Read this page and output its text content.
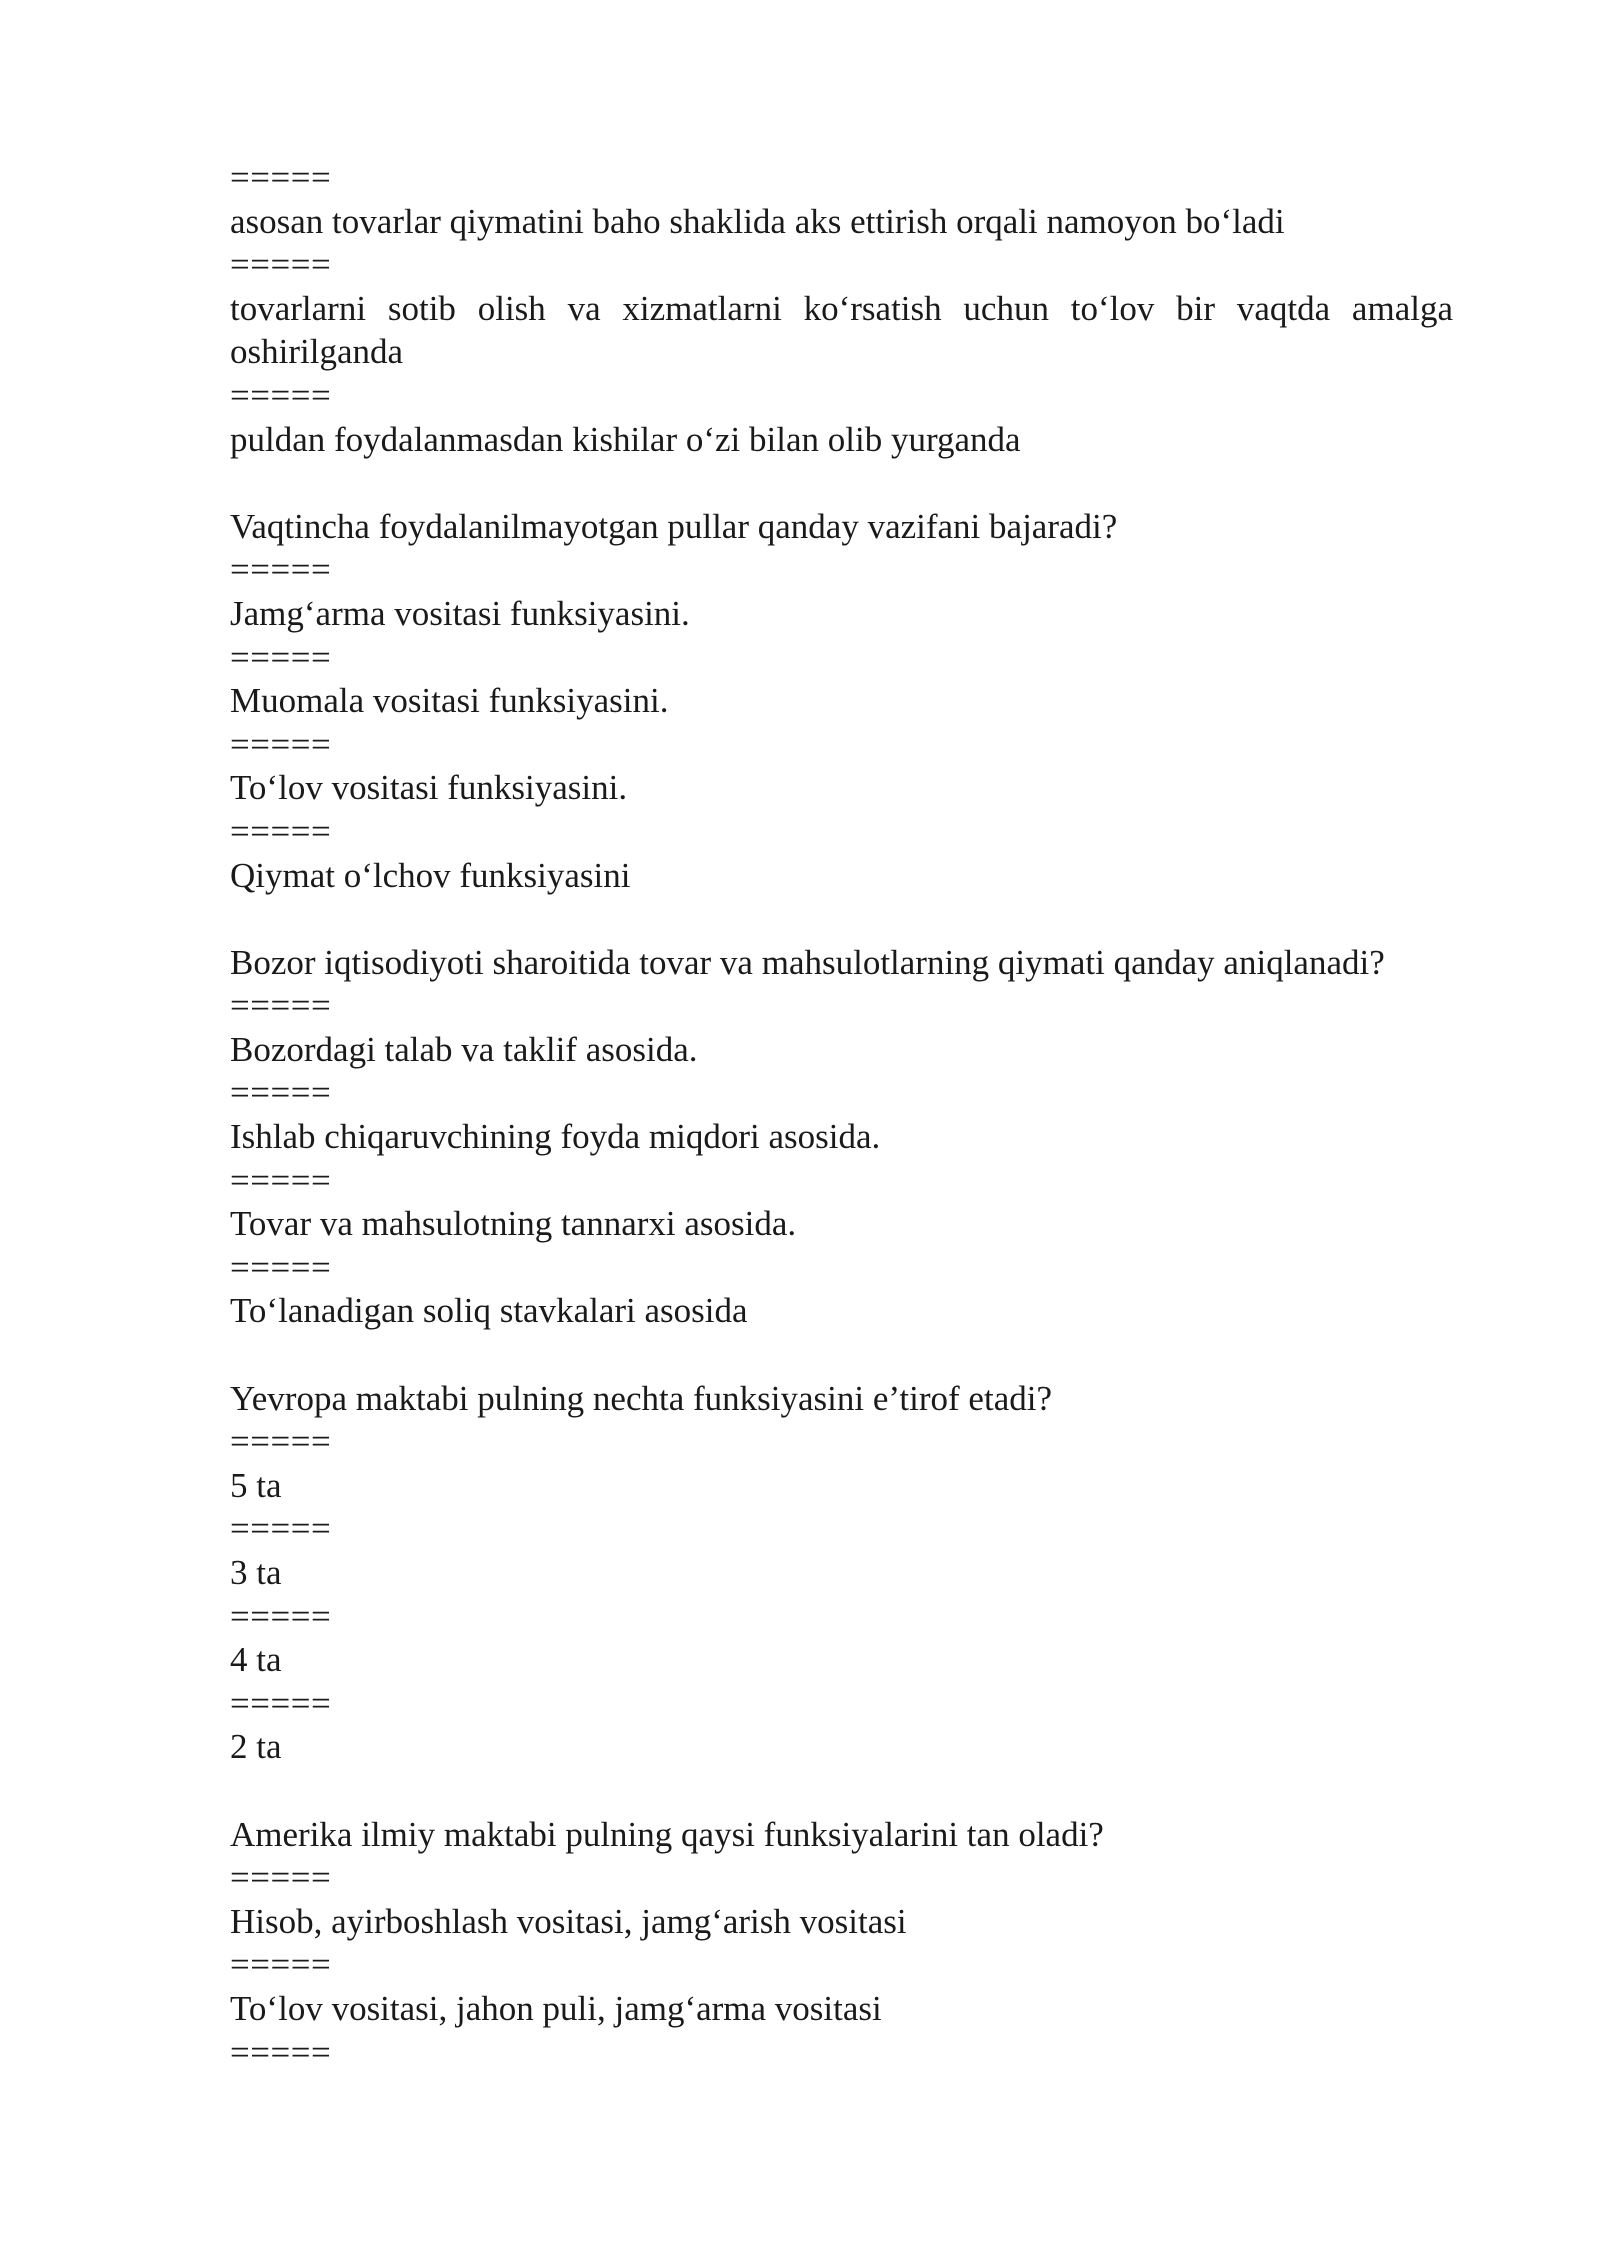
=====
asosan tovarlar qiymatini baho shaklida aks ettirish orqali namoyon bo‘ladi
=====
tovarlarni sotib olish va xizmatlarni ko‘rsatish uchun to‘lov bir vaqtda amalga oshirilganda
=====
puldan foydalanmasdan kishilar o‘zi bilan olib yurganda
Vaqtincha foydalanilmayotgan pullar qanday vazifani bajaradi?
=====
Jamg‘arma vositasi funksiyasini.
=====
Muomala vositasi funksiyasini.
=====
To‘lov vositasi funksiyasini.
=====
Qiymat o‘lchov funksiyasini
Bozor iqtisodiyoti sharoitida tovar va mahsulotlarning qiymati qanday aniqlanadi?
=====
Bozordagi talab va taklif asosida.
=====
Ishlab chiqaruvchining foyda miqdori asosida.
=====
Tovar va mahsulotning tannarxi asosida.
=====
To‘lanadigan soliq stavkalari asosida
Yevropa maktabi pulning nechta funksiyasini e’tirof etadi?
=====
5 ta
=====
3 ta
=====
4 ta
=====
2 ta
Amerika ilmiy maktabi pulning qaysi funksiyalarini tan oladi?
=====
Hisob, ayirboshlash vositasi, jamg‘arish vositasi
=====
To‘lov vositasi, jahon puli, jamg‘arma vositasi
=====
